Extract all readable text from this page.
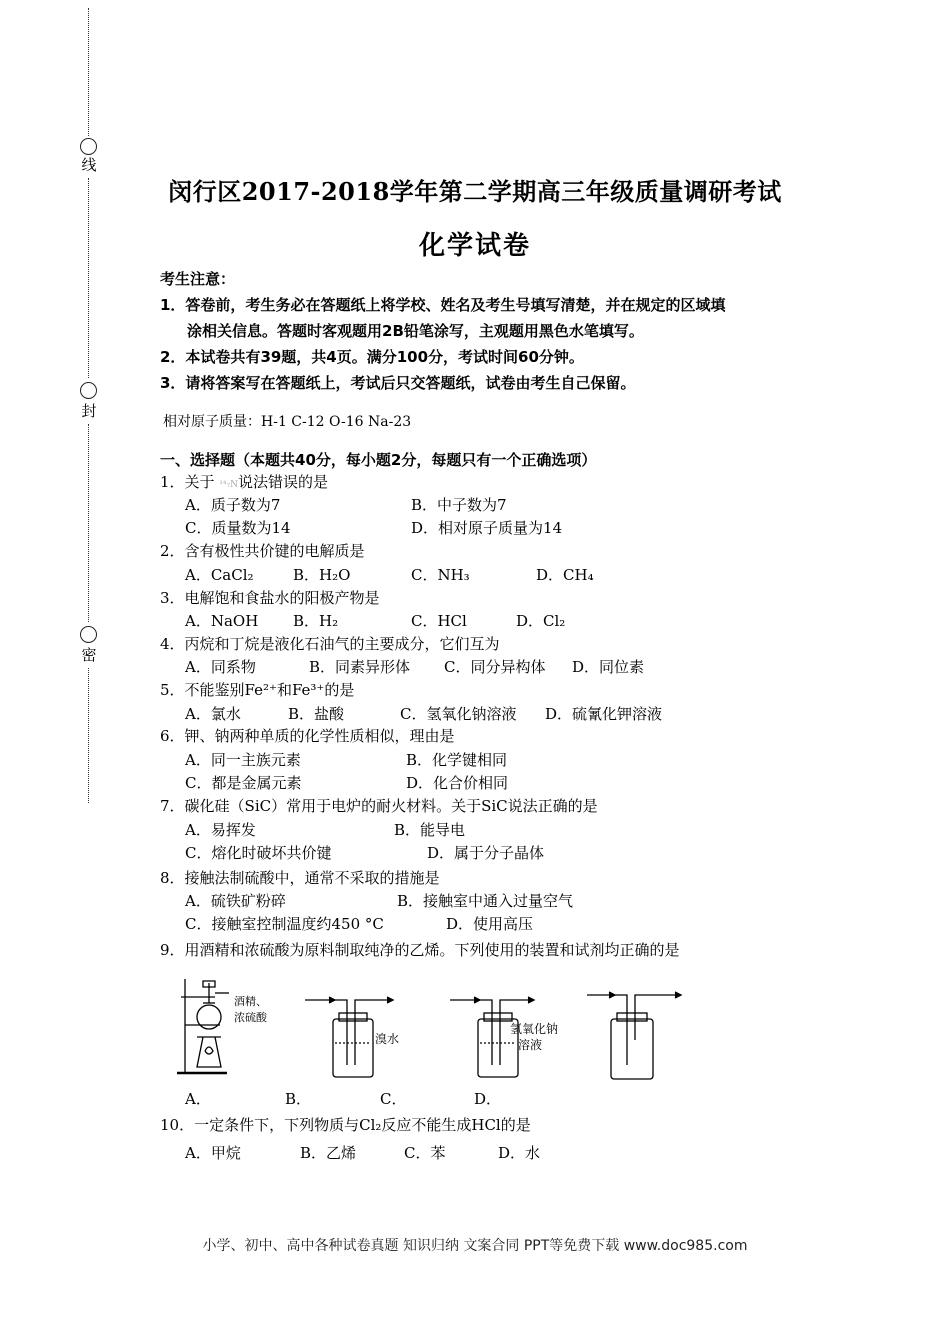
线
封
密
闵行区2017-2018学年第二学期高三年级质量调研考试
化学试卷
考生注意：
1．答卷前，考生务必在答题纸上将学校、姓名及考生号填写清楚，并在规定的区域填
涂相关信息。答题时客观题用2B铅笔涂写，主观题用黑色水笔填写。
2．本试卷共有39题，共4页。满分100分，考试时间60分钟。
3．请将答案写在答题纸上，考试后只交答题纸，试卷由考生自己保留。
相对原子质量：H-1 C-12 O-16 Na-23
一、选择题（本题共40分，每小题2分，每题只有一个正确选项）
1．关于 ¹⁴₇N说法错误的是
A．质子数为7	B．中子数为7
C．质量数为14	D．相对原子质量为14
2．含有极性共价键的电解质是
A．CaCl₂	B．H₂O	C．NH₃	D．CH₄
3．电解饱和食盐水的阳极产物是
A．NaOH B．H₂	C．HCl	D．Cl₂
4．丙烷和丁烷是液化石油气的主要成分，它们互为
A．同系物	B．同素异形体 C．同分异构体 D．同位素
5．不能鉴别Fe²⁺和Fe³⁺的是
A．氯水	B．盐酸	C．氢氧化钠溶液 D．硫氰化钾溶液
6．钾、钠两种单质的化学性质相似，理由是
A．同一主族元素	B．化学键相同
C．都是金属元素	D．化合价相同
7．碳化硅（SiC）常用于电炉的耐火材料。关于SiC说法正确的是
A．易挥发	B．能导电
C．熔化时破坏共价键	D．属于分子晶体
8．接触法制硫酸中，通常不采取的措施是
A．硫铁矿粉碎	B．接触室中通入过量空气
C．接触室控制温度约450 °C	D．使用高压
9．用酒精和浓硫酸为原料制取纯净的乙烯。下列使用的装置和试剂均正确的是
酒精、
浓硫酸
溴水
氢氧化钠
溶液
A．	B．	C．	D．
10．一定条件下，下列物质与Cl₂反应不能生成HCl的是
A．甲烷	B．乙烯	C．苯	D．水
小学、初中、高中各种试卷真题 知识归纳 文案合同 PPT等免费下载 www.doc985.com
